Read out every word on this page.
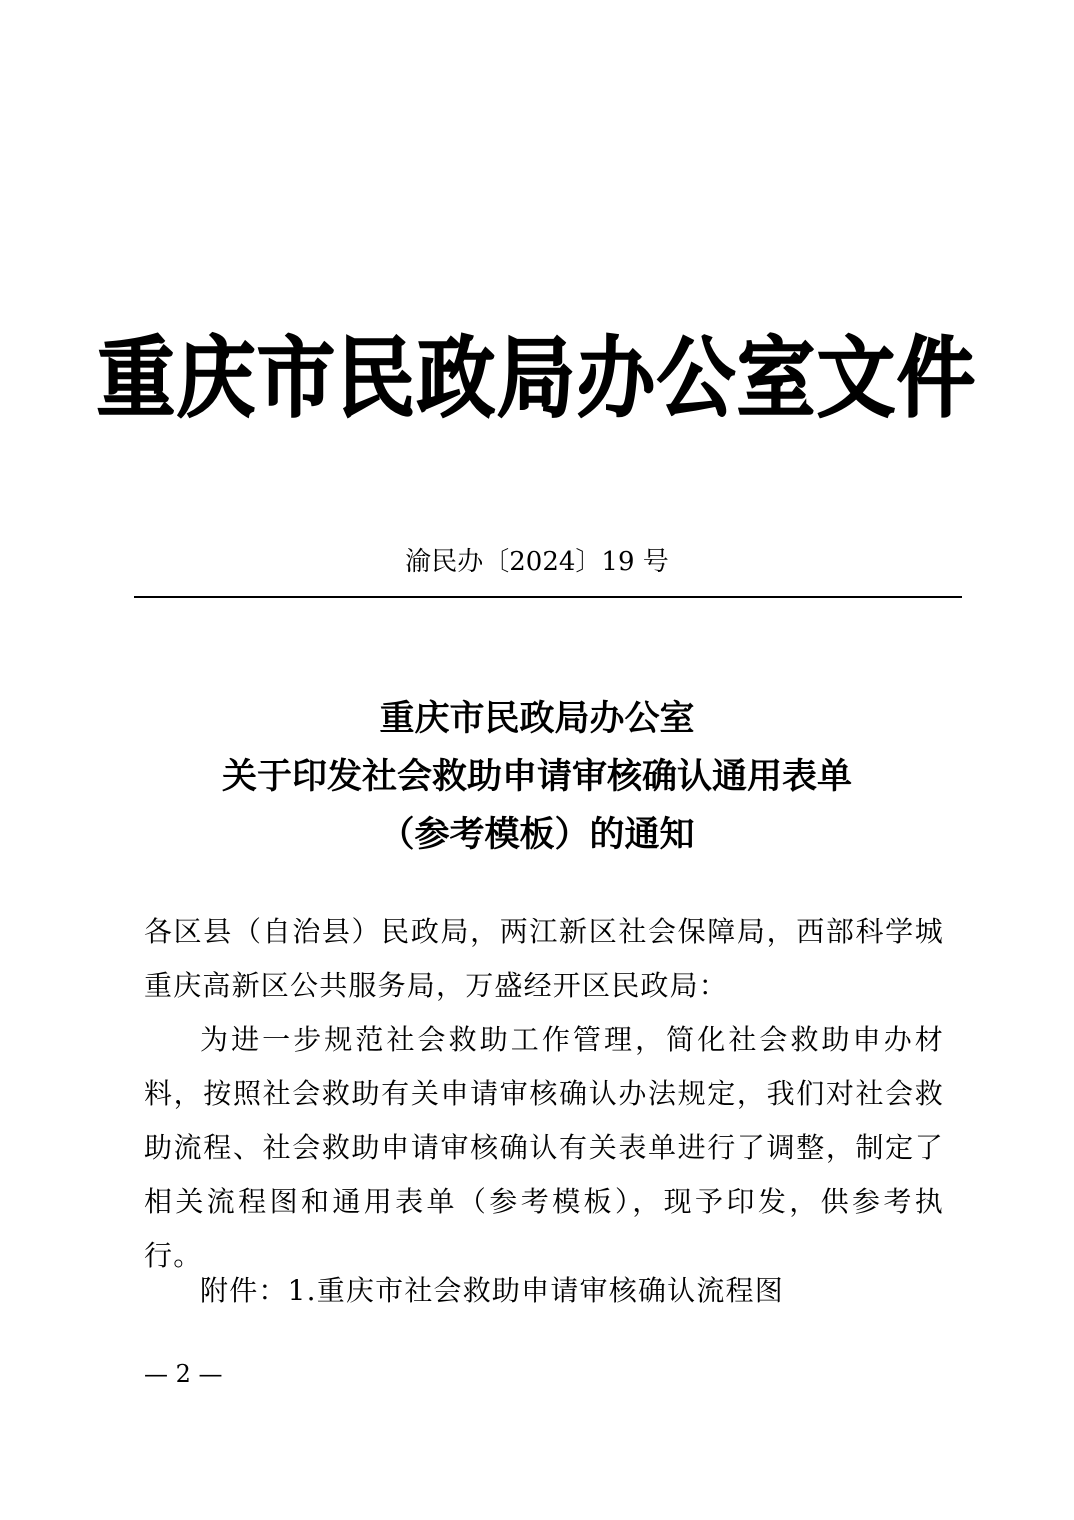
重庆市民政局办公室文件
渝民办〔2024〕19 号
重庆市民政局办公室
关于印发社会救助申请审核确认通用表单
（参考模板）的通知

各区县（自治县）民政局，两江新区社会保障局，西部科学城重庆高新区公共服务局，万盛经开区民政局：

为进一步规范社会救助工作管理，简化社会救助申办材料，按照社会救助有关申请审核确认办法规定，我们对社会救助流程、社会救助申请审核确认有关表单进行了调整，制定了相关流程图和通用表单（参考模板），现予印发，供参考执行。

附件：1.重庆市社会救助申请审核确认流程图
— 2 —
